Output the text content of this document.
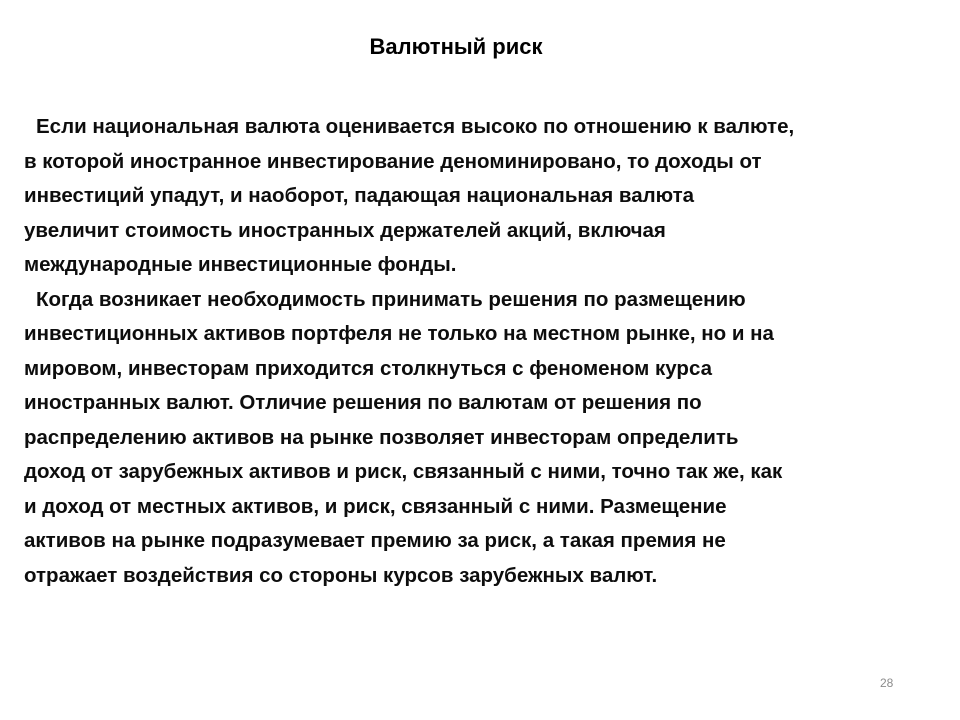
Валютный риск
Если национальная валюта оценивается высоко по отношению к валюте,
в которой иностранное инвестирование деноминировано, то доходы от
инвестиций упадут, и наоборот, падающая национальная валюта
увеличит стоимость иностранных держателей акций, включая
международные инвестиционные фонды.
Когда возникает необходимость принимать решения по размещению
инвестиционных активов портфеля не только на местном рынке, но и на
мировом, инвесторам приходится столкнуться с феноменом курса
иностранных валют. Отличие решения по валютам от решения по
распределению активов на рынке позволяет инвесторам определить
доход от зарубежных активов и риск, связанный с ними, точно так же, как
и доход от местных активов, и риск, связанный с ними. Размещение
активов на рынке подразумевает премию за риск, а такая премия не
отражает воздействия со стороны курсов зарубежных валют.
28
